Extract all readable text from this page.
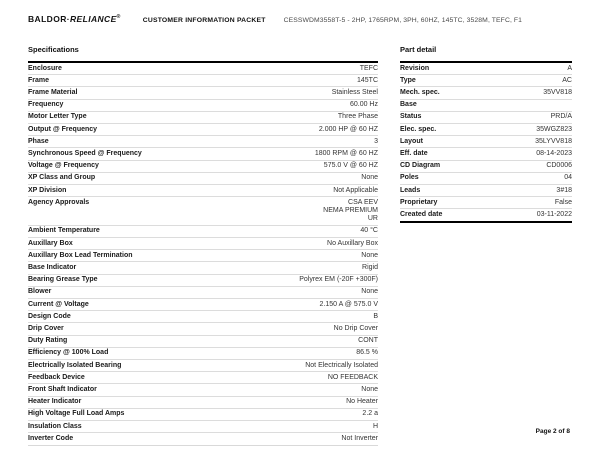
BALDOR·RELIANCE®	CUSTOMER INFORMATION PACKET	CESSWDM3558T-5 - 2HP, 1765RPM, 3PH, 60HZ, 145TC, 3528M, TEFC, F1
Specifications	Part detail
Enclosure	TEFC
Frame	145TC
Frame Material	Stainless Steel
Frequency	60.00 Hz
Motor Letter Type	Three Phase
Output @ Frequency	2.000 HP @ 60 HZ
Phase	3
Synchronous Speed @ Frequency	1800 RPM @ 60 HZ
Voltage @ Frequency	575.0 V @ 60 HZ
XP Class and Group	None
XP Division	Not Applicable
Agency Approvals	CSA EEV
NEMA PREMIUM
UR
Ambient Temperature	40 °C
Auxillary Box	No Auxillary Box
Auxillary Box Lead Termination	None
Base Indicator	Rigid
Bearing Grease Type	Polyrex EM (-20F +300F)
Blower	None
Current @ Voltage	2.150 A @ 575.0 V
Design Code	B
Drip Cover	No Drip Cover
Duty Rating	CONT
Efficiency @ 100% Load	86.5 %
Electrically Isolated Bearing	Not Electrically Isolated
Feedback Device	NO FEEDBACK
Front Shaft Indicator	None
Heater Indicator	No Heater
High Voltage Full Load Amps	2.2 a
Insulation Class	H
Inverter Code	Not Inverter
Revision	A
Type	AC
Mech. spec.	35VV818
Base
Status	PRD/A
Elec. spec.	35WGZ823
Layout	35LYVV818
Eff. date	08-14-2023
CD Diagram	CD0006
Poles	04
Leads	3#18
Proprietary	False
Created date	03-11-2022
Page 2 of 8
